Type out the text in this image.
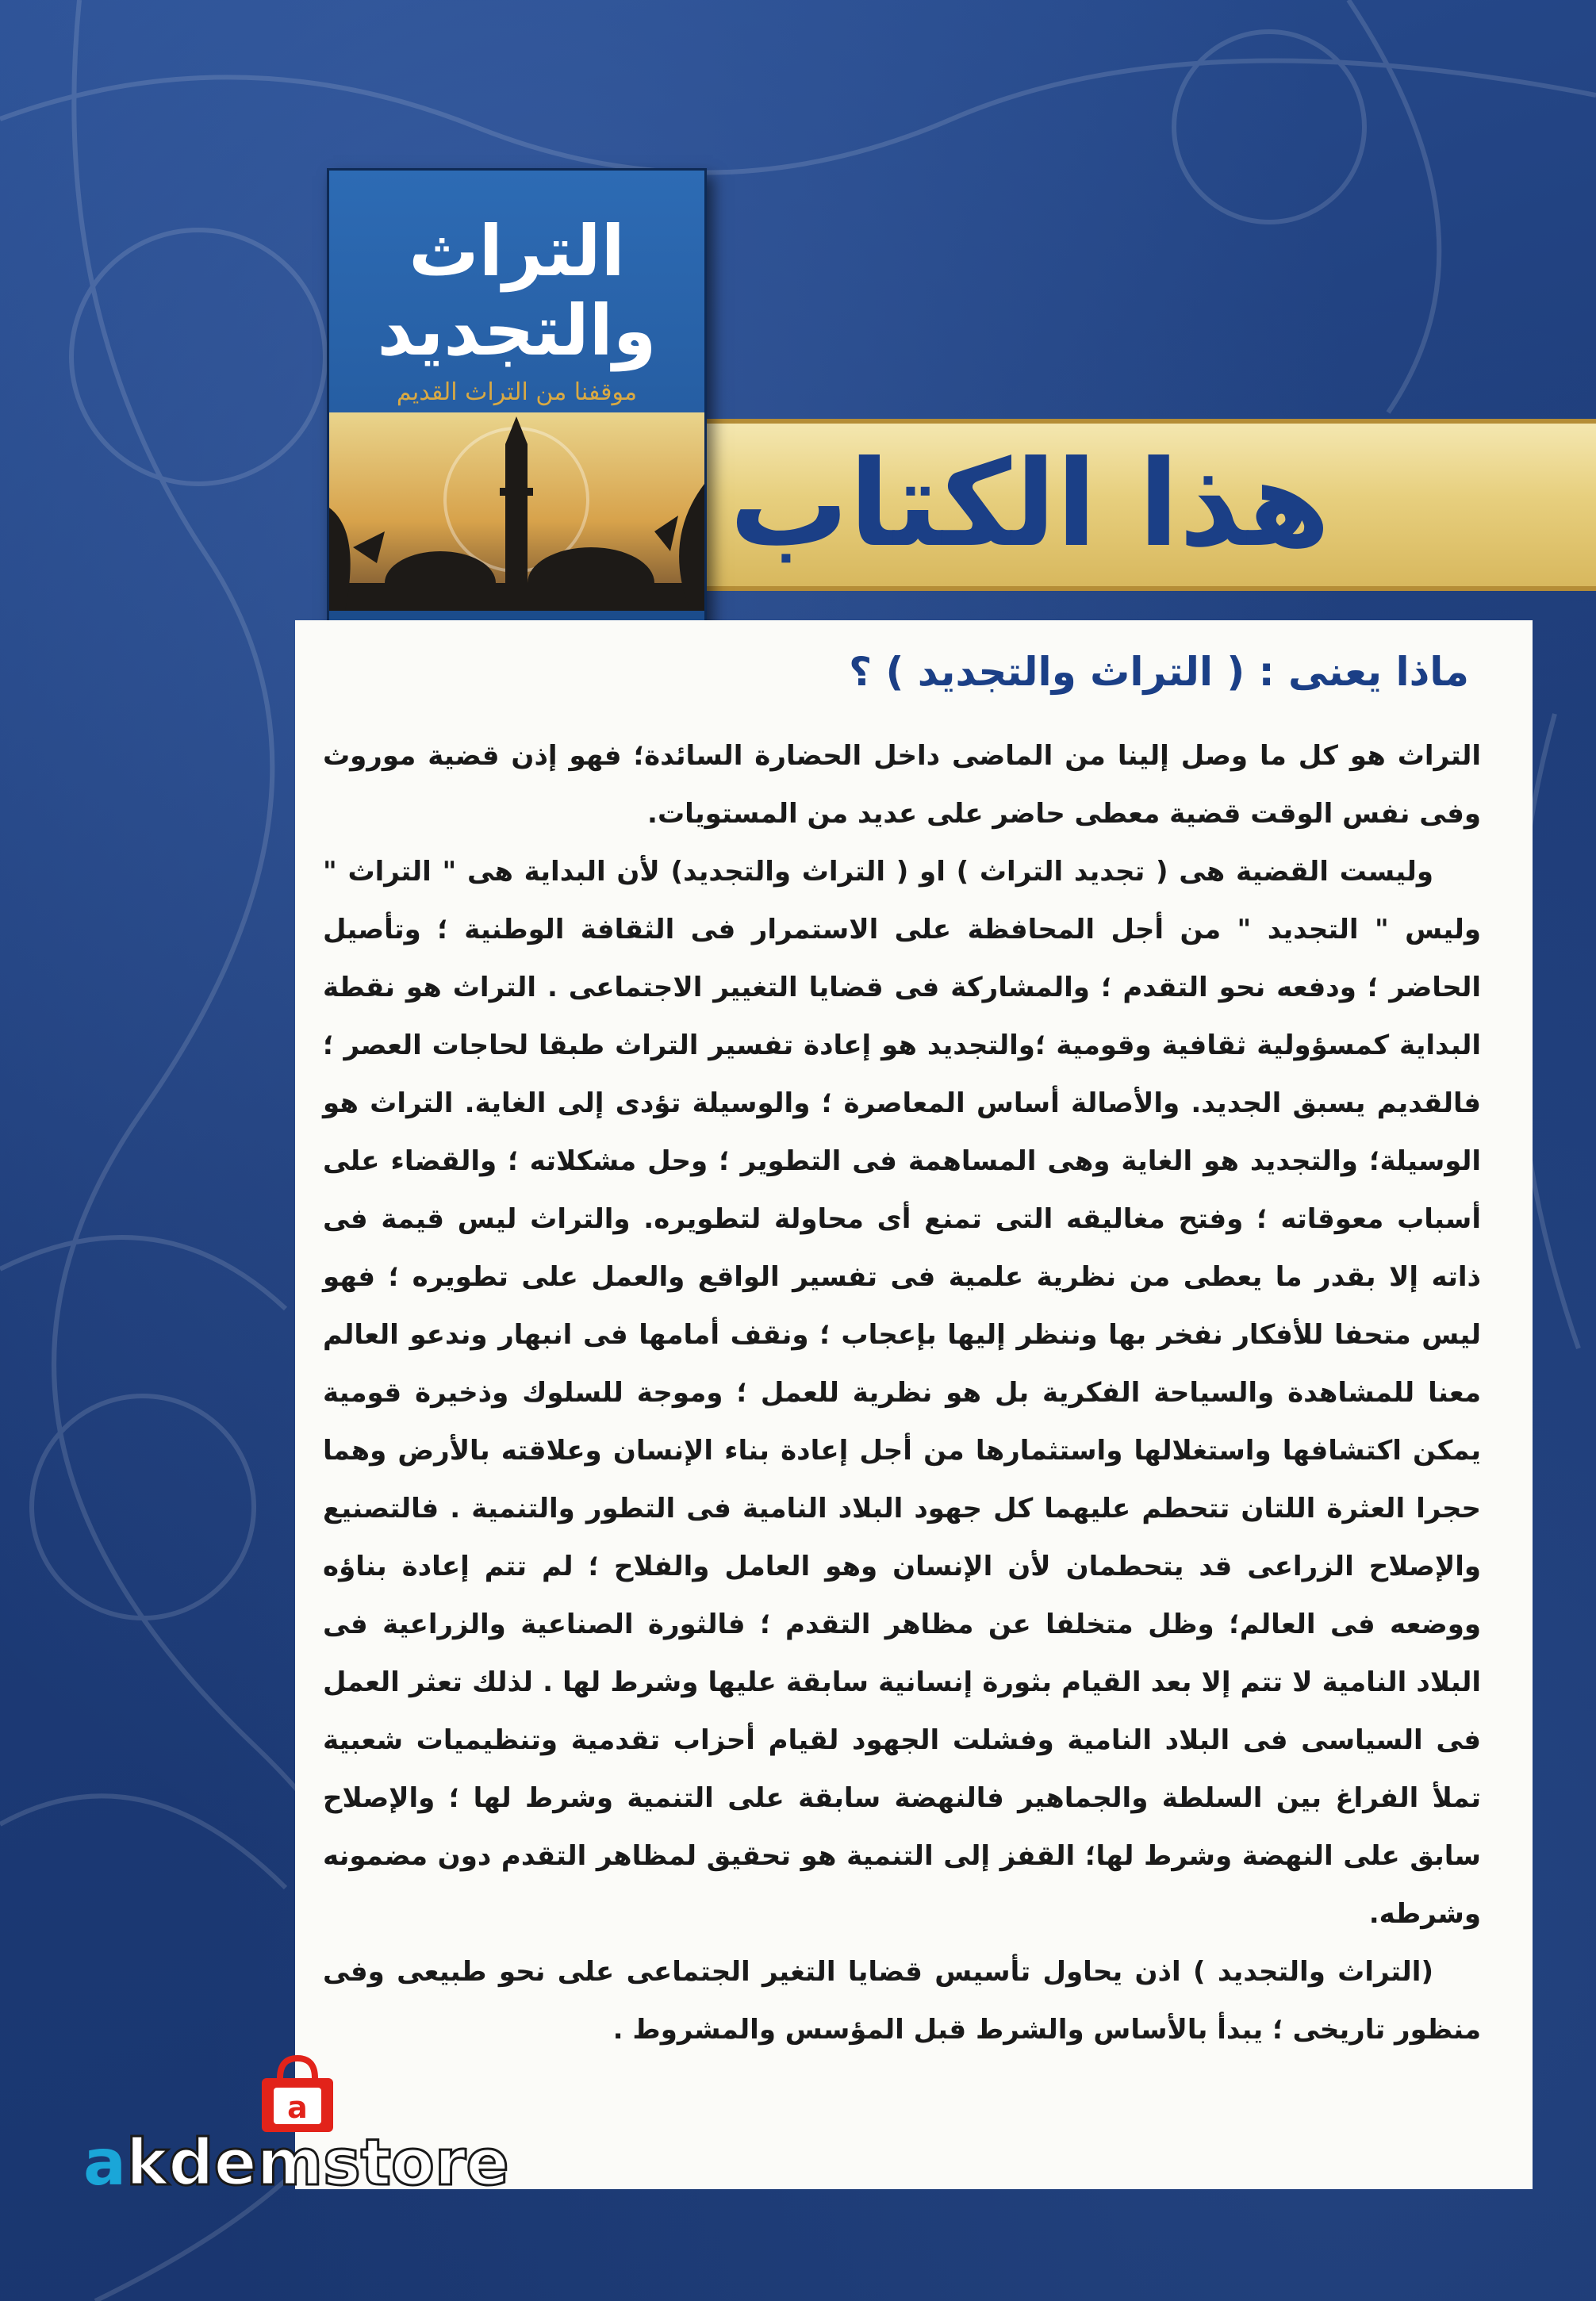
هذا الكتاب
التراث
والتجديد
موقفنا من التراث القديم
ماذا يعنى : ( التراث والتجديد ) ؟

التراث هو كل ما وصل إلينا من الماضى داخل الحضارة السائدة؛ فهو إذن قضية موروث وفى نفس الوقت قضية معطى حاضر على عديد من المستويات.

وليست القضية هى ( تجديد التراث ) او ( التراث والتجديد) لأن البداية هى " التراث " وليس " التجديد " من أجل المحافظة على الاستمرار فى الثقافة الوطنية ؛ وتأصيل الحاضر ؛ ودفعه نحو التقدم ؛ والمشاركة فى قضايا التغيير الاجتماعى . التراث هو نقطة البداية كمسؤولية ثقافية وقومية ؛والتجديد هو إعادة تفسير التراث طبقا لحاجات العصر ؛ فالقديم يسبق الجديد. والأصالة أساس المعاصرة ؛ والوسيلة تؤدى إلى الغاية. التراث هو الوسيلة؛ والتجديد هو الغاية وهى المساهمة فى التطوير ؛ وحل مشكلاته ؛ والقضاء على أسباب معوقاته ؛ وفتح مغاليقه التى تمنع أى محاولة لتطويره. والتراث ليس قيمة فى ذاته إلا بقدر ما يعطى من نظرية علمية فى تفسير الواقع والعمل على تطويره ؛ فهو ليس متحفا للأفكار نفخر بها وننظر إليها بإعجاب ؛ ونقف أمامها فى انبهار وندعو العالم معنا للمشاهدة والسياحة الفكرية بل هو نظرية للعمل ؛ وموجة للسلوك وذخيرة قومية يمكن اكتشافها واستغلالها واستثمارها من أجل إعادة بناء الإنسان وعلاقته بالأرض وهما حجرا العثرة اللتان تتحطم عليهما كل جهود البلاد النامية فى التطور والتنمية . فالتصنيع والإصلاح الزراعى قد يتحطمان لأن الإنسان وهو العامل والفلاح ؛ لم تتم إعادة بناؤه ووضعه فى العالم؛ وظل متخلفا عن مظاهر التقدم ؛ فالثورة الصناعية والزراعية فى البلاد النامية لا تتم إلا بعد القيام بثورة إنسانية سابقة عليها وشرط لها . لذلك تعثر العمل فى السياسى فى البلاد النامية وفشلت الجهود لقيام أحزاب تقدمية وتنظيميات شعبية تملأ الفراغ بين السلطة والجماهير فالنهضة سابقة على التنمية وشرط لها ؛ والإصلاح سابق على النهضة وشرط لها؛ القفز إلى التنمية هو تحقيق لمظاهر التقدم دون مضمونه وشرطه.

(التراث والتجديد ) اذن يحاول تأسيس قضايا التغير الجتماعى على نحو طبيعى وفى منظور تاريخى ؛ يبدأ بالأساس والشرط قبل المؤسس والمشروط .

a
akdemstore
